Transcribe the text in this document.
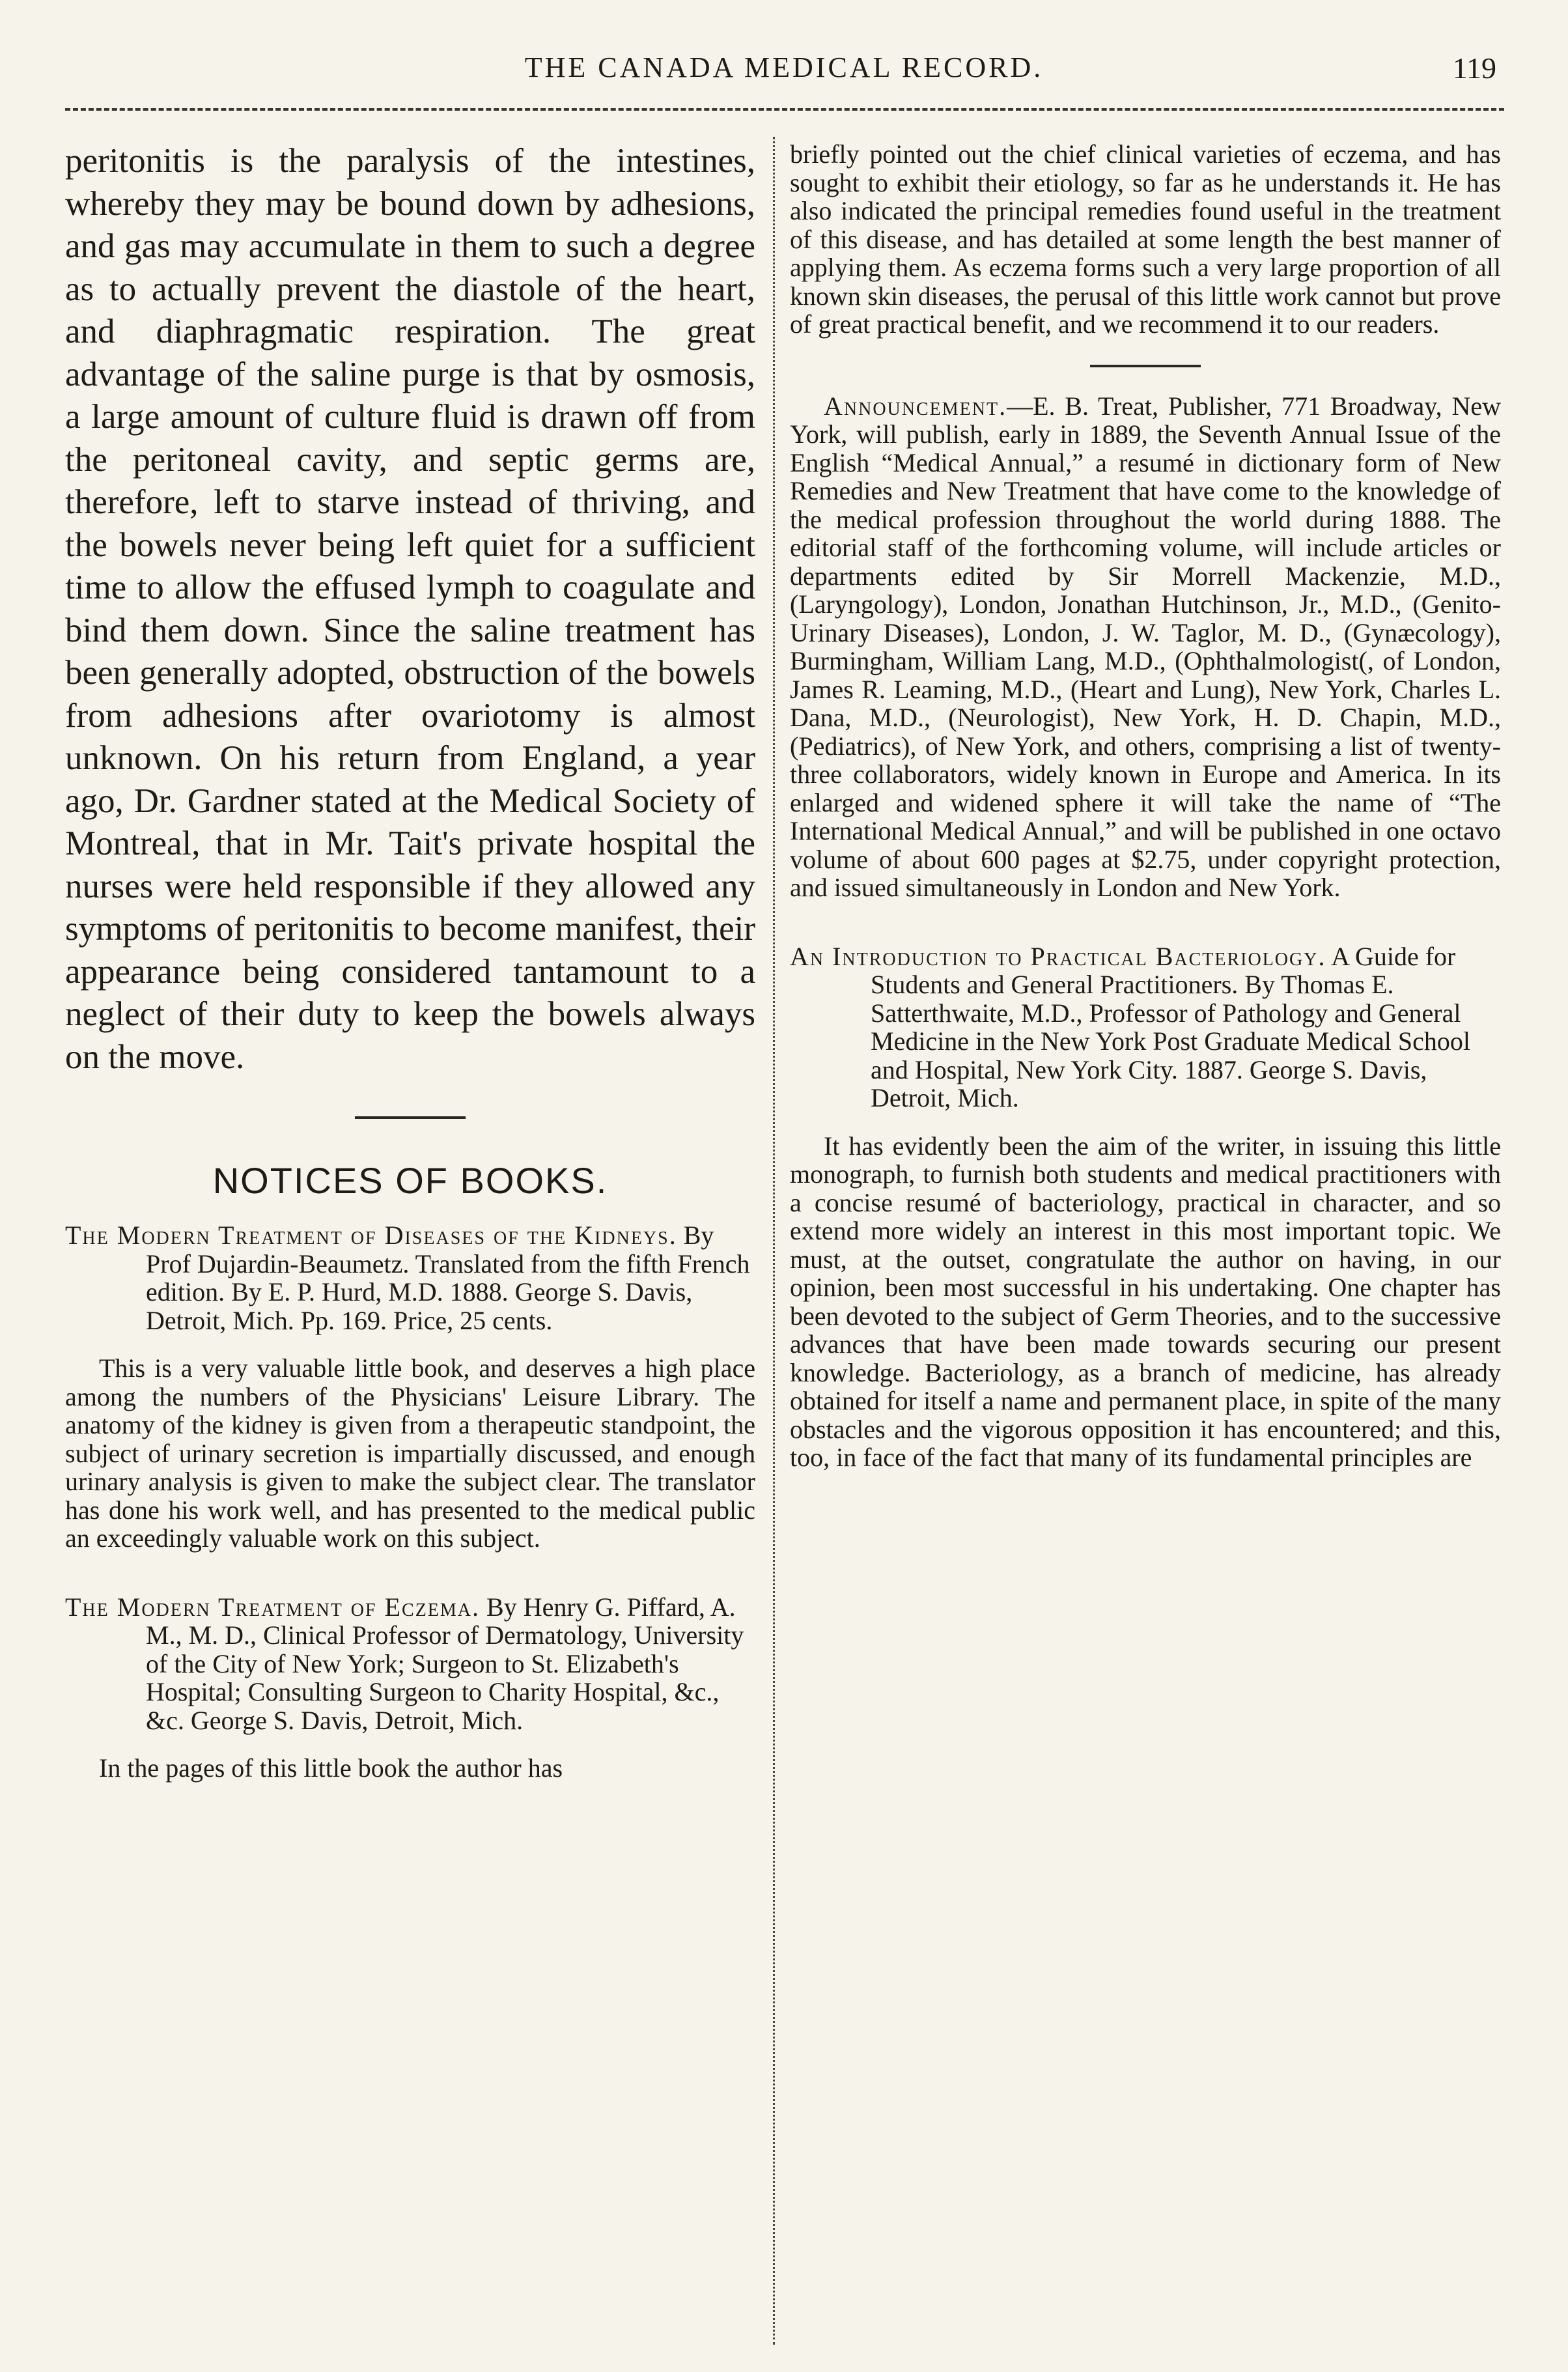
THE CANADA MEDICAL RECORD.	119

peritonitis is the paralysis of the intestines, whereby they may be bound down by adhesions, and gas may accumulate in them to such a degree as to actually prevent the diastole of the heart, and diaphragmatic respiration. The great advantage of the saline purge is that by osmosis, a large amount of culture fluid is drawn off from the peritoneal cavity, and septic germs are, therefore, left to starve instead of thriving, and the bowels never being left quiet for a sufficient time to allow the effused lymph to coagulate and bind them down. Since the saline treatment has been generally adopted, obstruction of the bowels from adhesions after ovariotomy is almost unknown. On his return from England, a year ago, Dr. Gardner stated at the Medical Society of Montreal, that in Mr. Tait's private hospital the nurses were held responsible if they allowed any symptoms of peritonitis to become manifest, their appearance being considered tantamount to a neglect of their duty to keep the bowels always on the move.

NOTICES OF BOOKS.

The Modern Treatment of Diseases of the Kidneys. By Prof Dujardin-Beaumetz. Translated from the fifth French edition. By E. P. Hurd, M.D. 1888. George S. Davis, Detroit, Mich. Pp. 169. Price, 25 cents.

This is a very valuable little book, and deserves a high place among the numbers of the Physicians' Leisure Library. The anatomy of the kidney is given from a therapeutic standpoint, the subject of urinary secretion is impartially discussed, and enough urinary analysis is given to make the subject clear. The translator has done his work well, and has presented to the medical public an exceedingly valuable work on this subject.

The Modern Treatment of Eczema. By Henry G. Piffard, A. M., M. D., Clinical Professor of Dermatology, University of the City of New York; Surgeon to St. Elizabeth's Hospital; Consulting Surgeon to Charity Hospital, &c., &c. George S. Davis, Detroit, Mich.

In the pages of this little book the author has

briefly pointed out the chief clinical varieties of eczema, and has sought to exhibit their etiology, so far as he understands it. He has also indicated the principal remedies found useful in the treatment of this disease, and has detailed at some length the best manner of applying them. As eczema forms such a very large proportion of all known skin diseases, the perusal of this little work cannot but prove of great practical benefit, and we recommend it to our readers.

Announcement.—E. B. Treat, Publisher, 771 Broadway, New York, will publish, early in 1889, the Seventh Annual Issue of the English “Medical Annual,” a resumé in dictionary form of New Remedies and New Treatment that have come to the knowledge of the medical profession throughout the world during 1888. The editorial staff of the forthcoming volume, will include articles or departments edited by Sir Morrell Mackenzie, M.D., (Laryngology), London, Jonathan Hutchinson, Jr., M.D., (Genito-Urinary Diseases), London, J. W. Taglor, M. D., (Gynæcology), Burmingham, William Lang, M.D., (Ophthalmologist(, of London, James R. Leaming, M.D., (Heart and Lung), New York, Charles L. Dana, M.D., (Neurologist), New York, H. D. Chapin, M.D., (Pediatrics), of New York, and others, comprising a list of twenty-three collaborators, widely known in Europe and America. In its enlarged and widened sphere it will take the name of “The International Medical Annual,” and will be published in one octavo volume of about 600 pages at $2.75, under copyright protection, and issued simultaneously in London and New York.

An Introduction to Practical Bacteriology. A Guide for Students and General Practitioners. By Thomas E. Satterthwaite, M.D., Professor of Pathology and General Medicine in the New York Post Graduate Medical School and Hospital, New York City. 1887. George S. Davis, Detroit, Mich.

It has evidently been the aim of the writer, in issuing this little monograph, to furnish both students and medical practitioners with a concise resumé of bacteriology, practical in character, and so extend more widely an interest in this most important topic. We must, at the outset, congratulate the author on having, in our opinion, been most successful in his undertaking. One chapter has been devoted to the subject of Germ Theories, and to the successive advances that have been made towards securing our present knowledge. Bacteriology, as a branch of medicine, has already obtained for itself a name and permanent place, in spite of the many obstacles and the vigorous opposition it has encountered; and this, too, in face of the fact that many of its fundamental principles are
